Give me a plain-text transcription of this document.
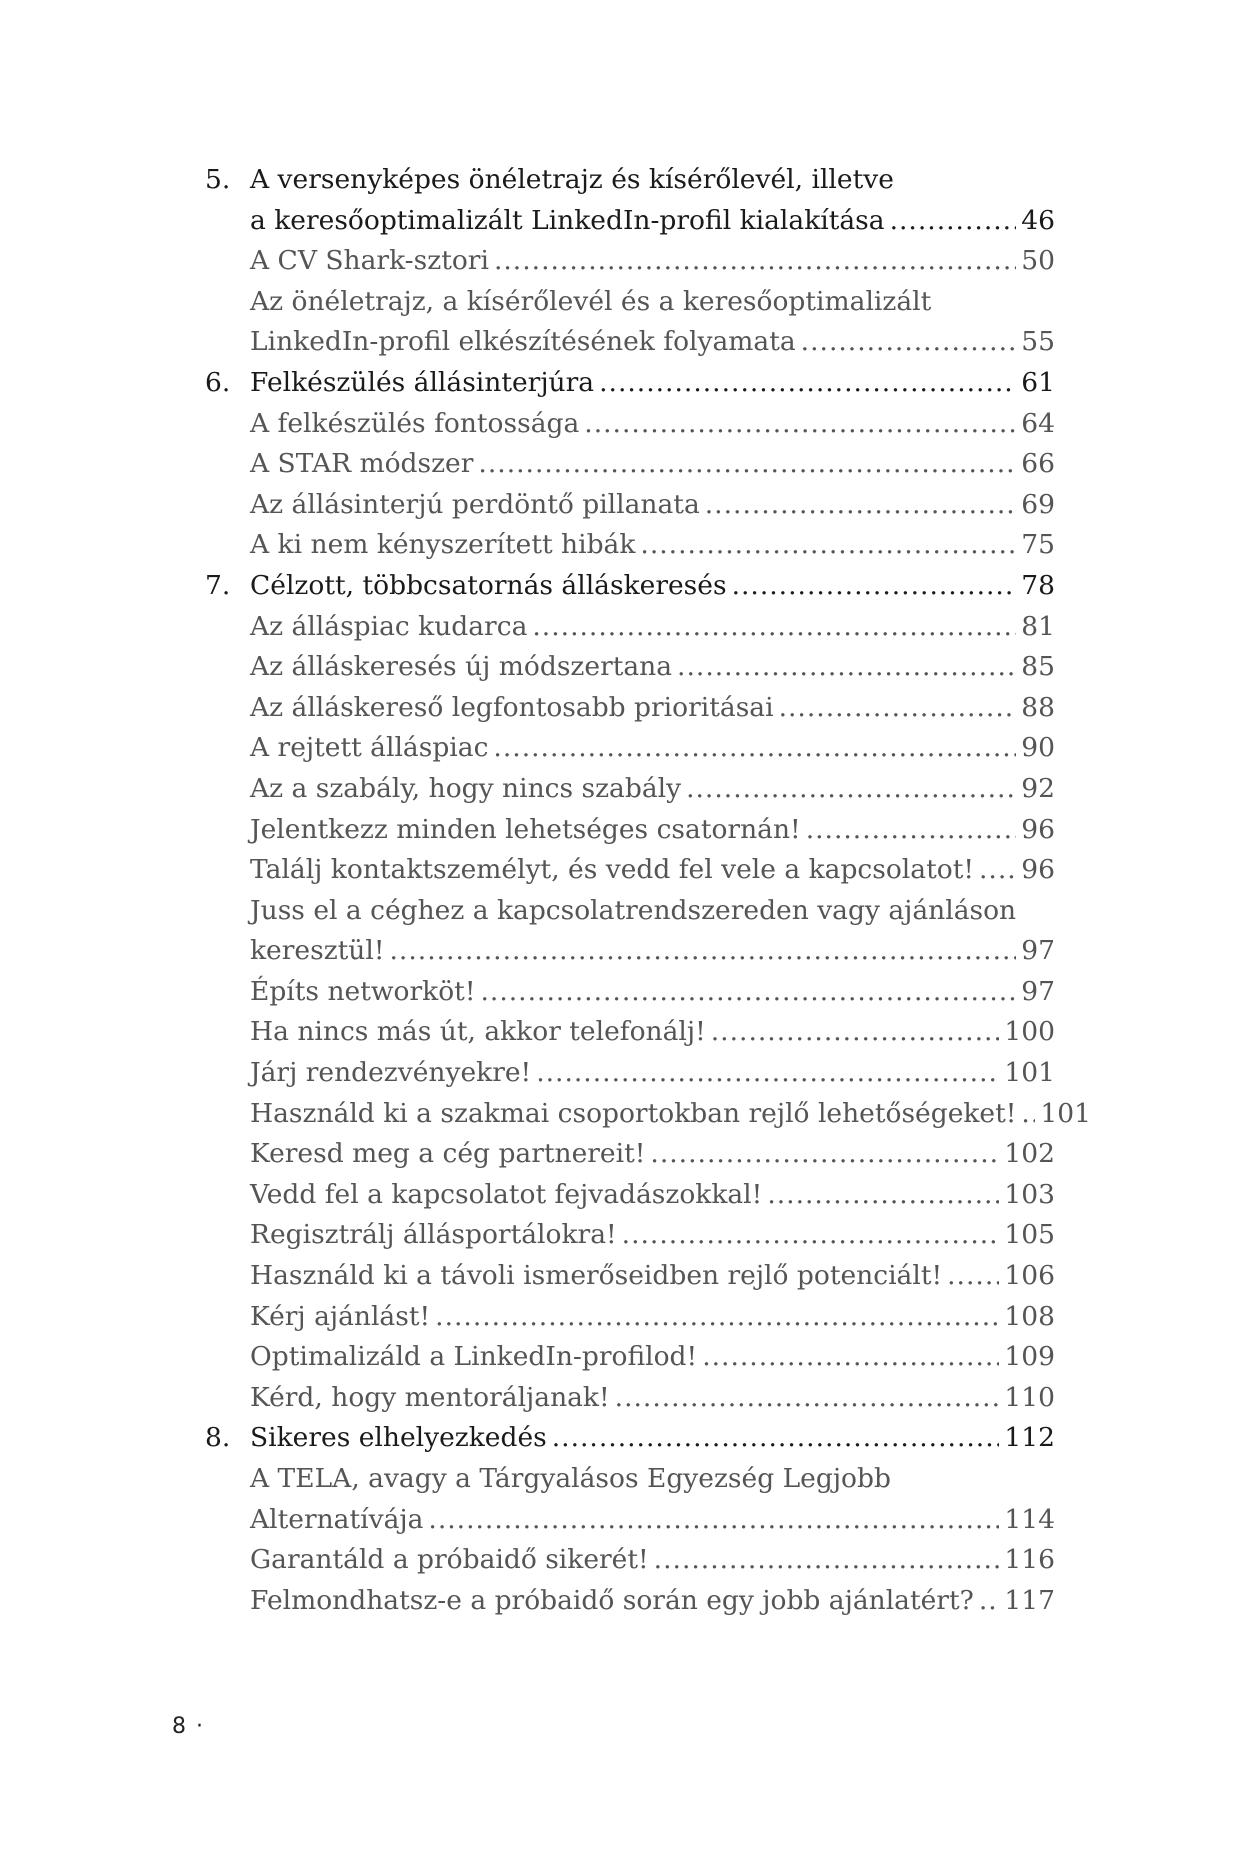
5. A versenyképes önéletrajz és kísérőlevél, illetve
a keresőoptimalizált LinkedIn-profil kialakítása .....	46
A CV Shark-sztori .....	50
Az önéletrajz, a kísérőlevél és a keresőoptimalizált
LinkedIn-profil elkészítésének folyamata .....	55
6. Felkészülés állásinterjúra .....	61
A felkészülés fontossága .....	64
A STAR módszer .....	66
Az állásinterjú perdöntő pillanata .....	69
A ki nem kényszerített hibák .....	75
7. Célzott, többcsatornás álláskeresés .....	78
Az álláspiac kudarca .....	81
Az álláskeresés új módszertana .....	85
Az álláskereső legfontosabb prioritásai .....	88
A rejtett álláspiac .....	90
Az a szabály, hogy nincs szabály .....	92
Jelentkezz minden lehetséges csatornán! .....	96
Találj kontaktszemélyt, és vedd fel vele a kapcsolatot! ..... 96
Juss el a céghez a kapcsolatrendszereden vagy ajánláson
keresztül! .....	97
Építs networköt! .....	97
Ha nincs más út, akkor telefonálj! .....	100
Járj rendezvényekre! .....	101
Használd ki a szakmai csoportokban rejlő lehetőségeket! ..... 101
Keresd meg a cég partnereit! .....	102
Vedd fel a kapcsolatot fejvadászokkal! .....	103
Regisztrálj állásportálokra! .....	105
Használd ki a távoli ismerőseidben rejlő potenciált! ..... 106
Kérj ajánlást! .....	108
Optimalizáld a LinkedIn-profilod! .....	109
Kérd, hogy mentoráljanak! .....	110
8. Sikeres elhelyezkedés .....	112
A TELA, avagy a Tárgyalásos Egyezség Legjobb
Alternatívája .....	114
Garantáld a próbaidő sikerét! .....	116
Felmondhatsz-e a próbaidő során egy jobb ajánlatért? ..... 117
8 ·
